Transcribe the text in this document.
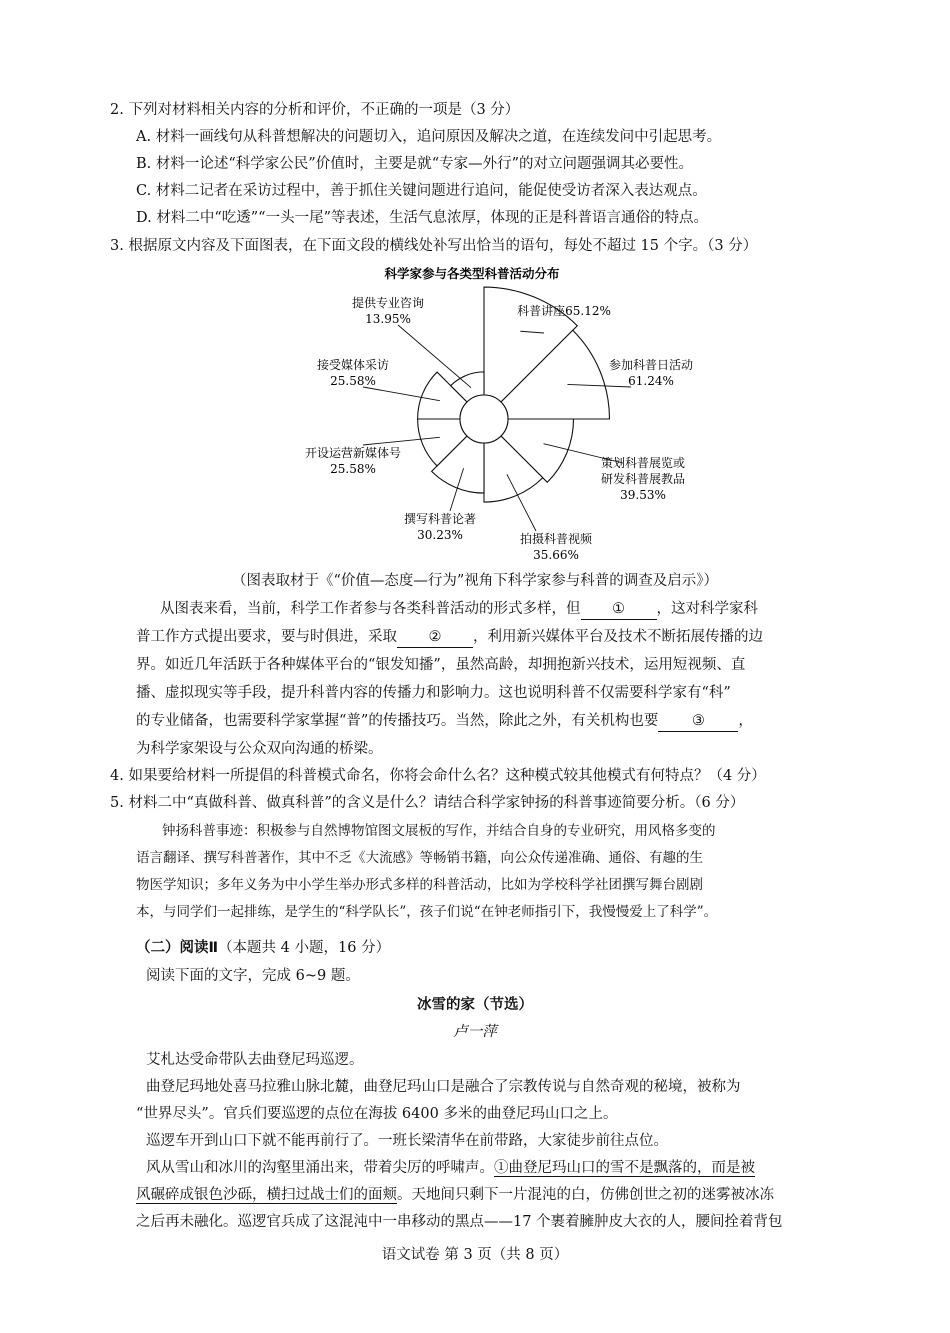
2. 下列对材料相关内容的分析和评价，不正确的一项是（3 分）
A. 材料一画线句从科普想解决的问题切入，追问原因及解决之道，在连续发问中引起思考。
B. 材料一论述“科学家公民”价值时，主要是就“专家—外行”的对立问题强调其必要性。
C. 材料二记者在采访过程中，善于抓住关键问题进行追问，能促使受访者深入表达观点。
D. 材料二中“吃透”“一头一尾”等表述，生活气息浓厚，体现的正是科普语言通俗的特点。
3. 根据原文内容及下面图表，在下面文段的横线处补写出恰当的语句，每处不超过 15 个字。（3 分）
科学家参与各类型科普活动分布
科普讲座65.12%
参加科普日活动
61.24%
策划科普展览或
研发科普展教品
39.53%
拍摄科普视频
35.66%
撰写科普论著
30.23%
开设运营新媒体号
25.58%
接受媒体采访
25.58%
提供专业咨询
13.95%
（图表取材于《“价值—态度—行为”视角下科学家参与科普的调查及启示》）
从图表来看，当前，科学工作者参与各类科普活动的形式多样，但 ① ，这对科学家科
普工作方式提出要求，要与时俱进，采取 ② ，利用新兴媒体平台及技术不断拓展传播的边
界。如近几年活跃于各种媒体平台的“银发知播”，虽然高龄，却拥抱新兴技术，运用短视频、直
播、虚拟现实等手段，提升科普内容的传播力和影响力。这也说明科普不仅需要科学家有“科”
的专业储备，也需要科学家掌握“普”的传播技巧。当然，除此之外，有关机构也要 ③ ，
为科学家架设与公众双向沟通的桥梁。
4. 如果要给材料一所提倡的科普模式命名，你将会命什么名？这种模式较其他模式有何特点？（4 分）
5. 材料二中“真做科普、做真科普”的含义是什么？请结合科学家钟扬的科普事迹简要分析。（6 分）
钟扬科普事迹：积极参与自然博物馆图文展板的写作，并结合自身的专业研究，用风格多变的
语言翻译、撰写科普著作，其中不乏《大流感》等畅销书籍，向公众传递准确、通俗、有趣的生
物医学知识；多年义务为中小学生举办形式多样的科普活动，比如为学校科学社团撰写舞台剧剧
本，与同学们一起排练，是学生的“科学队长”，孩子们说“在钟老师指引下，我慢慢爱上了科学”。
（二）阅读Ⅱ（本题共 4 小题，16 分）
阅读下面的文字，完成 6~9 题。
冰雪的家（节选）
卢一萍
艾札达受命带队去曲登尼玛巡逻。
曲登尼玛地处喜马拉雅山脉北麓，曲登尼玛山口是融合了宗教传说与自然奇观的秘境，被称为
“世界尽头”。官兵们要巡逻的点位在海拔 6400 多米的曲登尼玛山口之上。
巡逻车开到山口下就不能再前行了。一班长梁清华在前带路，大家徒步前往点位。
风从雪山和冰川的沟壑里涌出来，带着尖厉的呼啸声。①曲登尼玛山口的雪不是飘落的，而是被
风碾碎成银色沙砾，横扫过战士们的面颊。天地间只剩下一片混沌的白，仿佛创世之初的迷雾被冰冻
之后再未融化。巡逻官兵成了这混沌中一串移动的黑点——17 个裹着臃肿皮大衣的人，腰间拴着背包
语文试卷 第 3 页（共 8 页）
